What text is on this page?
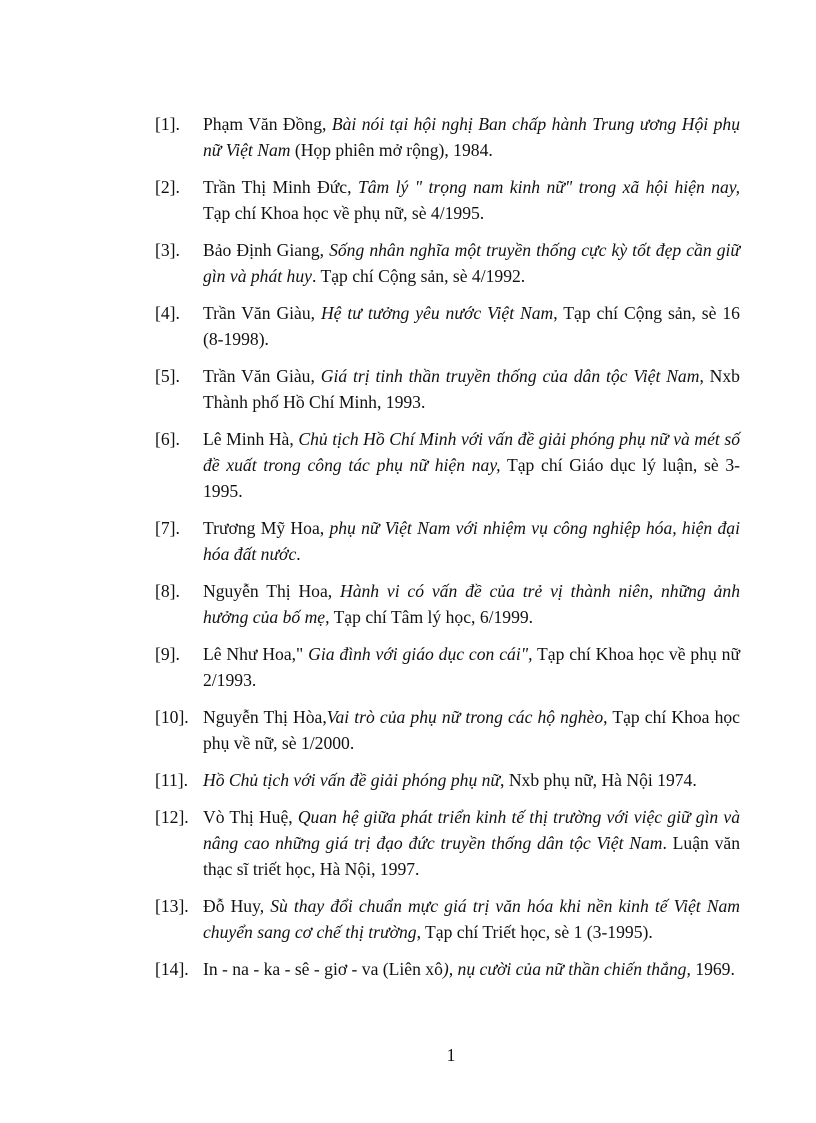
[1].	Phạm Văn Đồng, Bài nói tại hội nghị Ban chấp hành Trung ương Hội phụ nữ Việt Nam (Họp phiên mở rộng), 1984.
[2].	Trần Thị Minh Đức, Tâm lý " trọng nam kinh nữ" trong xã hội hiện nay, Tạp chí Khoa học về phụ nữ, sè 4/1995.
[3].	Bảo Định Giang, Sống nhân nghĩa một truyền thống cực kỳ tốt đẹp cần giữ gìn và phát huy. Tạp chí Cộng sản, sè 4/1992.
[4].	Trần Văn Giàu, Hệ tư tưởng yêu nước Việt Nam, Tạp chí Cộng sản, sè 16 (8-1998).
[5].	Trần Văn Giàu, Giá trị tinh thần truyền thống của dân tộc Việt Nam, Nxb Thành phố Hồ Chí Minh, 1993.
[6].	Lê Minh Hà, Chủ tịch Hồ Chí Minh với vấn đề giải phóng phụ nữ và mét số đề xuất trong công tác phụ nữ hiện nay, Tạp chí Giáo dục lý luận, sè 3-1995.
[7].	Trương Mỹ Hoa, phụ nữ Việt Nam với nhiệm vụ công nghiệp hóa, hiện đại hóa đất nước.
[8].	Nguyễn Thị Hoa, Hành vi có vấn đề của trẻ vị thành niên, những ảnh hưởng của bố mẹ, Tạp chí Tâm lý học, 6/1999.
[9].	Lê Như Hoa," Gia đình với giáo dục con cái", Tạp chí Khoa học về phụ nữ 2/1993.
[10]. Nguyễn Thị Hòa,Vai trò của phụ nữ trong các hộ nghèo, Tạp chí Khoa học phụ về nữ, sè 1/2000.
[11]. Hồ Chủ tịch với vấn đề giải phóng phụ nữ, Nxb phụ nữ, Hà Nội 1974.
[12]. Vò Thị Huệ, Quan hệ giữa phát triển kinh tế thị trường với việc giữ gìn và nâng cao những giá trị đạo đức truyền thống dân tộc Việt Nam. Luận văn thạc sĩ triết học, Hà Nội, 1997.
[13]. Đỗ Huy, Sù thay đổi chuẩn mực giá trị văn hóa khi nền kinh tế Việt Nam chuyển sang cơ chế thị trường, Tạp chí Triết học, sè 1 (3-1995).
[14]. In - na - ka - sê - giơ - va (Liên xô), nụ cười của nữ thần chiến thắng, 1969.
1
